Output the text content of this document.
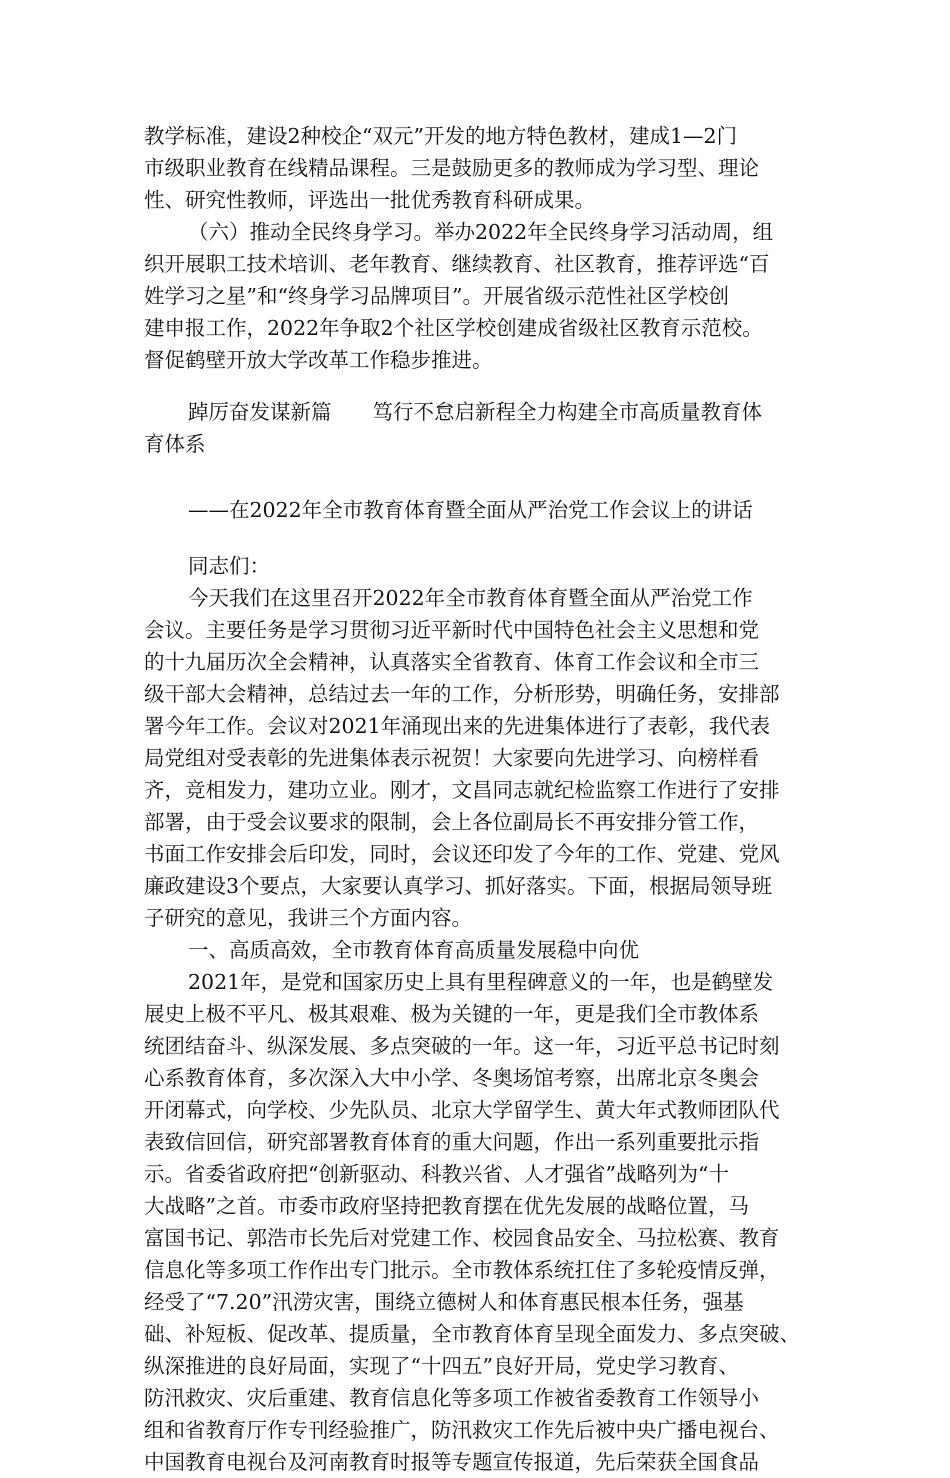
教学标准，建设2种校企“双元”开发的地方特色教材，建成1—2门
市级职业教育在线精品课程。三是鼓励更多的教师成为学习型、理论
性、研究性教师，评选出一批优秀教育科研成果。
（六）推动全民终身学习。举办2022年全民终身学习活动周，组
织开展职工技术培训、老年教育、继续教育、社区教育，推荐评选“百
姓学习之星”和“终身学习品牌项目”。开展省级示范性社区学校创
建申报工作，2022年争取2个社区学校创建成省级社区教育示范校。
督促鹤壁开放大学改革工作稳步推进。
踔厉奋发谋新篇　　笃行不怠启新程全力构建全市高质量教育体
育体系
——在2022年全市教育体育暨全面从严治党工作会议上的讲话
同志们：
今天我们在这里召开2022年全市教育体育暨全面从严治党工作
会议。主要任务是学习贯彻习近平新时代中国特色社会主义思想和党
的十九届历次全会精神，认真落实全省教育、体育工作会议和全市三
级干部大会精神，总结过去一年的工作，分析形势，明确任务，安排部
署今年工作。会议对2021年涌现出来的先进集体进行了表彰，我代表
局党组对受表彰的先进集体表示祝贺！大家要向先进学习、向榜样看
齐，竞相发力，建功立业。刚才，文昌同志就纪检监察工作进行了安排
部署，由于受会议要求的限制，会上各位副局长不再安排分管工作，
书面工作安排会后印发，同时，会议还印发了今年的工作、党建、党风
廉政建设3个要点，大家要认真学习、抓好落实。下面，根据局领导班
子研究的意见，我讲三个方面内容。
一、高质高效，全市教育体育高质量发展稳中向优
2021年，是党和国家历史上具有里程碑意义的一年，也是鹤壁发
展史上极不平凡、极其艰难、极为关键的一年，更是我们全市教体系
统团结奋斗、纵深发展、多点突破的一年。这一年，习近平总书记时刻
心系教育体育，多次深入大中小学、冬奥场馆考察，出席北京冬奥会
开闭幕式，向学校、少先队员、北京大学留学生、黄大年式教师团队代
表致信回信，研究部署教育体育的重大问题，作出一系列重要批示指
示。省委省政府把“创新驱动、科教兴省、人才强省”战略列为“十
大战略”之首。市委市政府坚持把教育摆在优先发展的战略位置，马
富国书记、郭浩市长先后对党建工作、校园食品安全、马拉松赛、教育
信息化等多项工作作出专门批示。全市教体系统扛住了多轮疫情反弹，
经受了“7.20”汛涝灾害，围绕立德树人和体育惠民根本任务，强基
础、补短板、促改革、提质量，全市教育体育呈现全面发力、多点突破、
纵深推进的良好局面，实现了“十四五”良好开局，党史学习教育、
防汛救灾、灾后重建、教育信息化等多项工作被省委教育工作领导小
组和省教育厅作专刊经验推广，防汛救灾工作先后被中央广播电视台、
中国教育电视台及河南教育时报等专题宣传报道，先后荣获全国食品
